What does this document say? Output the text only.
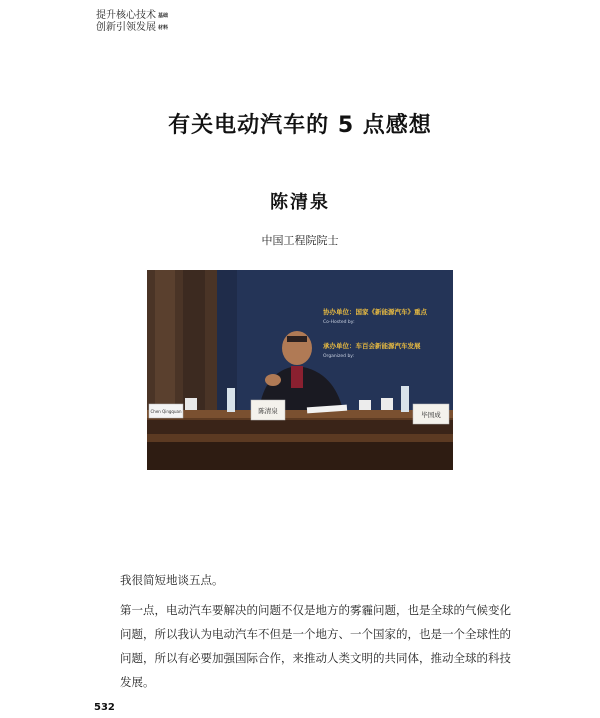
提升核心技术 基础
创新引领发展 材料
有关电动汽车的 5 点感想
陈清泉
中国工程院院士
协办单位：国家《新能源汽车》重点
Co-Hosted by:
承办单位：车百会新能源汽车发展
Organized by:
Chen Qingquan	陈清泉	毕国成

我很简短地谈五点。

第一点，电动汽车要解决的问题不仅是地方的雾霾问题，也是全球的气候变化问题，所以我认为电动汽车不但是一个地方、一个国家的，也是一个全球性的问题，所以有必要加强国际合作，来推动人类文明的共同体，推动全球的科技发展。

532
